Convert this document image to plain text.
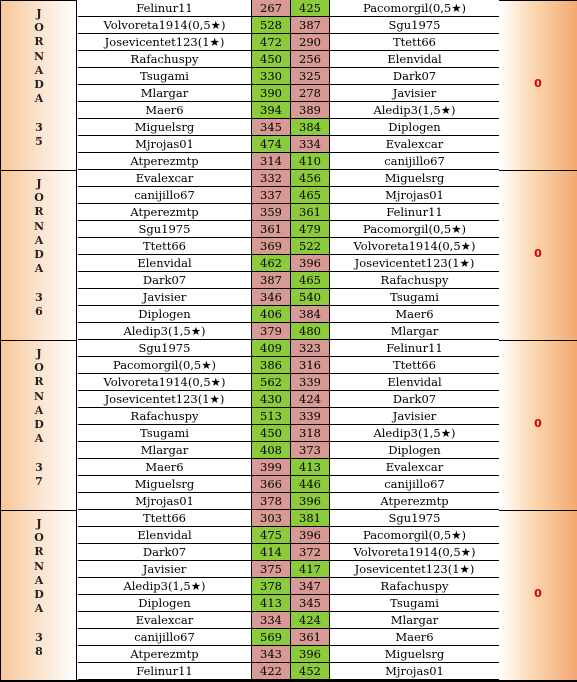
J
O
R
N
A
D
A
3
5
Felinur11	267	425	Pacomorgil(0,5★)
Volvoreta1914(0,5★)	528	387	Sgu1975
Josevicentet123(1★)	472	290	Ttett66
Rafachuspy	450	256	Elenvidal
Tsugami	330	325	Dark07
Mlargar	390	278	Javisier
Maer6	394	389	Aledip3(1,5★)
Miguelsrg	345	384	Diplogen
Mjrojas01	474	334	Evalexcar
Atperezmtp	314	410	canijillo67
0
J
O
R
N
A
D
A
3
6
Evalexcar	332	456	Miguelsrg
canijillo67	337	465	Mjrojas01
Atperezmtp	359	361	Felinur11
Sgu1975	361	479	Pacomorgil(0,5★)
Ttett66	369	522	Volvoreta1914(0,5★)
Elenvidal	462	396	Josevicentet123(1★)
Dark07	387	465	Rafachuspy
Javisier	346	540	Tsugami
Diplogen	406	384	Maer6
Aledip3(1,5★)	379	480	Mlargar
0
J
O
R
N
A
D
A
3
7
Sgu1975	409	323	Felinur11
Pacomorgil(0,5★)	386	316	Ttett66
Volvoreta1914(0,5★)	562	339	Elenvidal
Josevicentet123(1★)	430	424	Dark07
Rafachuspy	513	339	Javisier
Tsugami	450	318	Aledip3(1,5★)
Mlargar	408	373	Diplogen
Maer6	399	413	Evalexcar
Miguelsrg	366	446	canijillo67
Mjrojas01	378	396	Atperezmtp
0
J
O
R
N
A
D
A
3
8
Ttett66	303	381	Sgu1975
Elenvidal	475	396	Pacomorgil(0,5★)
Dark07	414	372	Volvoreta1914(0,5★)
Javisier	375	417	Josevicentet123(1★)
Aledip3(1,5★)	378	347	Rafachuspy
Diplogen	413	345	Tsugami
Evalexcar	334	424	Mlargar
canijillo67	569	361	Maer6
Atperezmtp	343	396	Miguelsrg
Felinur11	422	452	Mjrojas01
0
